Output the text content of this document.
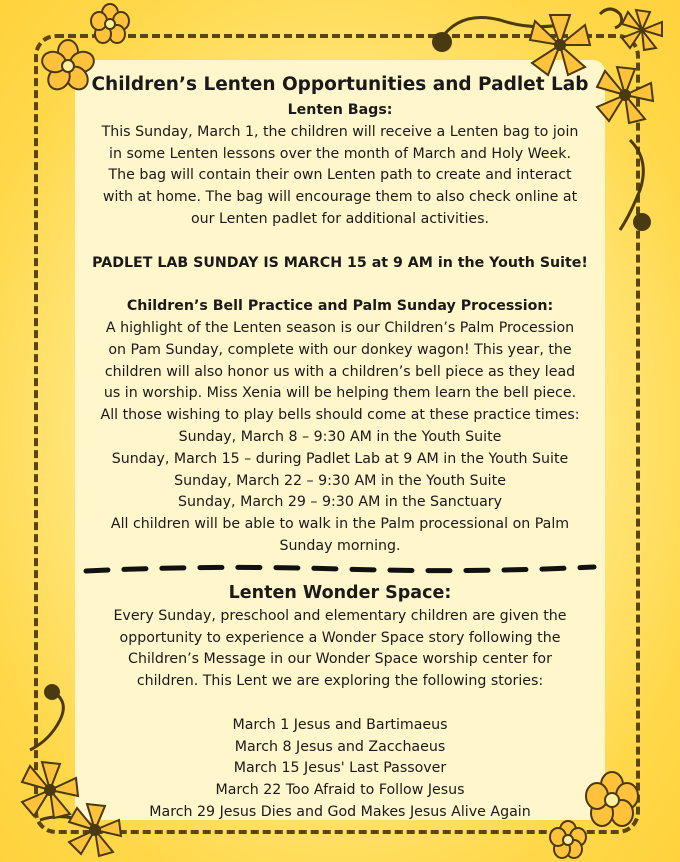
Children’s Lenten Opportunities and Padlet Lab

Lenten Bags:

This Sunday, March 1, the children will receive a Lenten bag to join

in some Lenten lessons over the month of March and Holy Week.

The bag will contain their own Lenten path to create and interact

with at home. The bag will encourage them to also check online at

our Lenten padlet for additional activities.

PADLET LAB SUNDAY IS MARCH 15 at 9 AM in the Youth Suite!

Children’s Bell Practice and Palm Sunday Procession:

A highlight of the Lenten season is our Children’s Palm Procession

on Pam Sunday, complete with our donkey wagon! This year, the

children will also honor us with a children’s bell piece as they lead

us in worship. Miss Xenia will be helping them learn the bell piece.

All those wishing to play bells should come at these practice times:

Sunday, March 8 – 9:30 AM in the Youth Suite

Sunday, March 15 – during Padlet Lab at 9 AM in the Youth Suite

Sunday, March 22 – 9:30 AM in the Youth Suite

Sunday, March 29 – 9:30 AM in the Sanctuary

All children will be able to walk in the Palm processional on Palm

Sunday morning.

Lenten Wonder Space:

Every Sunday, preschool and elementary children are given the

opportunity to experience a Wonder Space story following the

Children’s Message in our Wonder Space worship center for

children. This Lent we are exploring the following stories:

March 1 Jesus and Bartimaeus

March 8 Jesus and Zacchaeus

March 15 Jesus' Last Passover

March 22 Too Afraid to Follow Jesus

March 29 Jesus Dies and God Makes Jesus Alive Again
